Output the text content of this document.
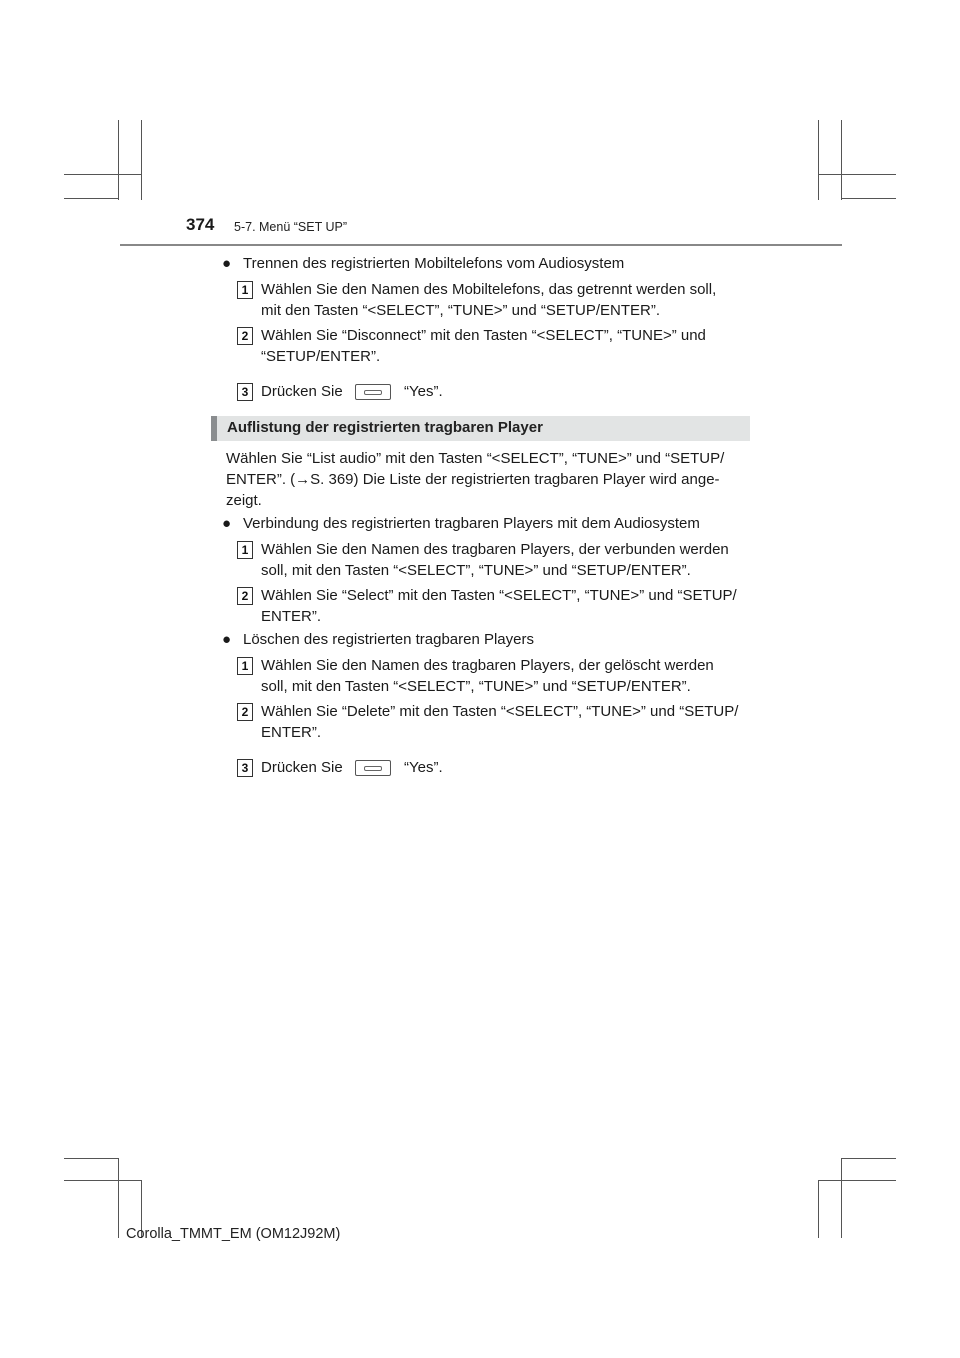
374 5-7. Menü “SET UP”
● Trennen des registrierten Mobiltelefons vom Audiosystem
1 Wählen Sie den Namen des Mobiltelefons, das getrennt werden soll,
mit den Tasten “<SELECT”, “TUNE>” und “SETUP/ENTER”.
2 Wählen Sie “Disconnect” mit den Tasten “<SELECT”, “TUNE>” und
“SETUP/ENTER”.
3 Drücken Sie	“Yes”.
Auflistung der registrierten tragbaren Player
Wählen Sie “List audio” mit den Tasten “<SELECT”, “TUNE>” und “SETUP/
ENTER”. (→S. 369) Die Liste der registrierten tragbaren Player wird ange-
zeigt.
● Verbindung des registrierten tragbaren Players mit dem Audiosystem
1 Wählen Sie den Namen des tragbaren Players, der verbunden werden
soll, mit den Tasten “<SELECT”, “TUNE>” und “SETUP/ENTER”.
2 Wählen Sie “Select” mit den Tasten “<SELECT”, “TUNE>” und “SETUP/
ENTER”.
● Löschen des registrierten tragbaren Players
1 Wählen Sie den Namen des tragbaren Players, der gelöscht werden
soll, mit den Tasten “<SELECT”, “TUNE>” und “SETUP/ENTER”.
2 Wählen Sie “Delete” mit den Tasten “<SELECT”, “TUNE>” und “SETUP/
ENTER”.
3 Drücken Sie	“Yes”.
Corolla_TMMT_EM (OM12J92M)
